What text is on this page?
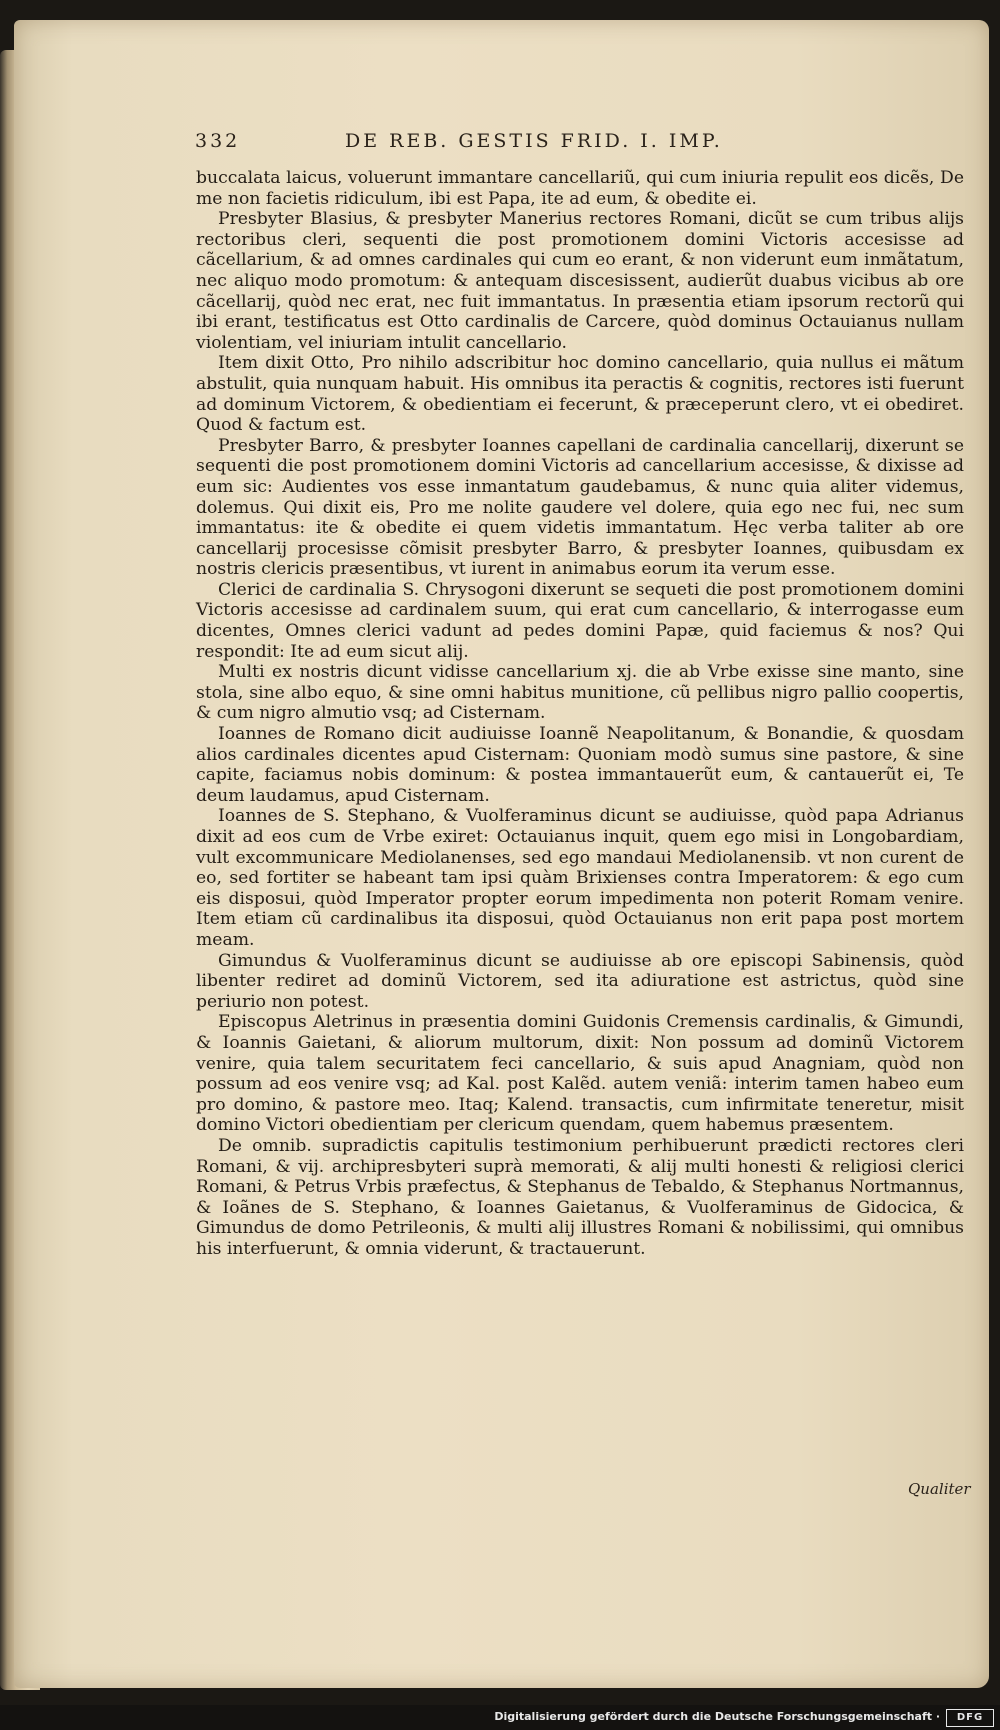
332	DE REB. GESTIS FRID. I. IMP.

buccalata laicus, voluerunt immantare cancellariũ, qui cum iniuria repulit eos dicẽs, De me non facietis ridiculum, ibi est Papa, ite ad eum, & obedite ei.

Presbyter Blasius, & presbyter Manerius rectores Romani, dicũt se cum tribus alijs rectoribus cleri, sequenti die post promotionem domini Victoris accesisse ad cãcellarium, & ad omnes cardinales qui cum eo erant, & non viderunt eum inmãtatum, nec aliquo modo promotum: & antequam discesissent, audierũt duabus vicibus ab ore cãcellarij, quòd nec erat, nec fuit immantatus. In præsentia etiam ipsorum rectorũ qui ibi erant, testificatus est Otto cardinalis de Carcere, quòd dominus Octauianus nullam violentiam, vel iniuriam intulit cancellario.

Item dixit Otto, Pro nihilo adscribitur hoc domino cancellario, quia nullus ei mãtum abstulit, quia nunquam habuit. His omnibus ita peractis & cognitis, rectores isti fuerunt ad dominum Victorem, & obedientiam ei fecerunt, & præceperunt clero, vt ei obediret. Quod & factum est.

Presbyter Barro, & presbyter Ioannes capellani de cardinalia cancellarij, dixerunt se sequenti die post promotionem domini Victoris ad cancellarium accesisse, & dixisse ad eum sic: Audientes vos esse inmantatum gaudebamus, & nunc quia aliter videmus, dolemus. Qui dixit eis, Pro me nolite gaudere vel dolere, quia ego nec fui, nec sum immantatus: ite & obedite ei quem videtis immantatum. Hęc verba taliter ab ore cancellarij procesisse cõmisit presbyter Barro, & presbyter Ioannes, quibusdam ex nostris clericis præsentibus, vt iurent in animabus eorum ita verum esse.

Clerici de cardinalia S. Chrysogoni dixerunt se sequeti die post promotionem domini Victoris accesisse ad cardinalem suum, qui erat cum cancellario, & interrogasse eum dicentes, Omnes clerici vadunt ad pedes domini Papæ, quid faciemus & nos? Qui respondit: Ite ad eum sicut alij.

Multi ex nostris dicunt vidisse cancellarium xj. die ab Vrbe exisse sine manto, sine stola, sine albo equo, & sine omni habitus munitione, cũ pellibus nigro pallio coopertis, & cum nigro almutio vsq; ad Cisternam.

Ioannes de Romano dicit audiuisse Ioannẽ Neapolitanum, & Bonandie, & quosdam alios cardinales dicentes apud Cisternam: Quoniam modò sumus sine pastore, & sine capite, faciamus nobis dominum: & postea immantauerũt eum, & cantauerũt ei, Te deum laudamus, apud Cisternam.

Ioannes de S. Stephano, & Vuolferaminus dicunt se audiuisse, quòd papa Adrianus dixit ad eos cum de Vrbe exiret: Octauianus inquit, quem ego misi in Longobardiam, vult excommunicare Mediolanenses, sed ego mandaui Mediolanensib. vt non curent de eo, sed fortiter se habeant tam ipsi quàm Brixienses contra Imperatorem: & ego cum eis disposui, quòd Imperator propter eorum impedimenta non poterit Romam venire. Item etiam cũ cardinalibus ita disposui, quòd Octauianus non erit papa post mortem meam.

Gimundus & Vuolferaminus dicunt se audiuisse ab ore episcopi Sabinensis, quòd libenter rediret ad dominũ Victorem, sed ita adiuratione est astrictus, quòd sine periurio non potest.

Episcopus Aletrinus in præsentia domini Guidonis Cremensis cardinalis, & Gimundi, & Ioannis Gaietani, & aliorum multorum, dixit: Non possum ad dominũ Victorem venire, quia talem securitatem feci cancellario, & suis apud Anagniam, quòd non possum ad eos venire vsq; ad Kal. post Kalẽd. autem veniã: interim tamen habeo eum pro domino, & pastore meo. Itaq; Kalend. transactis, cum infirmitate teneretur, misit domino Victori obedientiam per clericum quendam, quem habemus præsentem.

De omnib. supradictis capitulis testimonium perhibuerunt prædicti rectores cleri Romani, & vij. archipresbyteri suprà memorati, & alij multi honesti & religiosi clerici Romani, & Petrus Vrbis præfectus, & Stephanus de Tebaldo, & Stephanus Nortmannus, & Ioãnes de S. Stephano, & Ioannes Gaietanus, & Vuolferaminus de Gidocica, & Gimundus de domo Petrileonis, & multi alij illustres Romani & nobilissimi, qui omnibus his interfuerunt, & omnia viderunt, & tractauerunt.

Qualiter
Digitalisierung gefördert durch die Deutsche Forschungsgemeinschaft ·	DFG
